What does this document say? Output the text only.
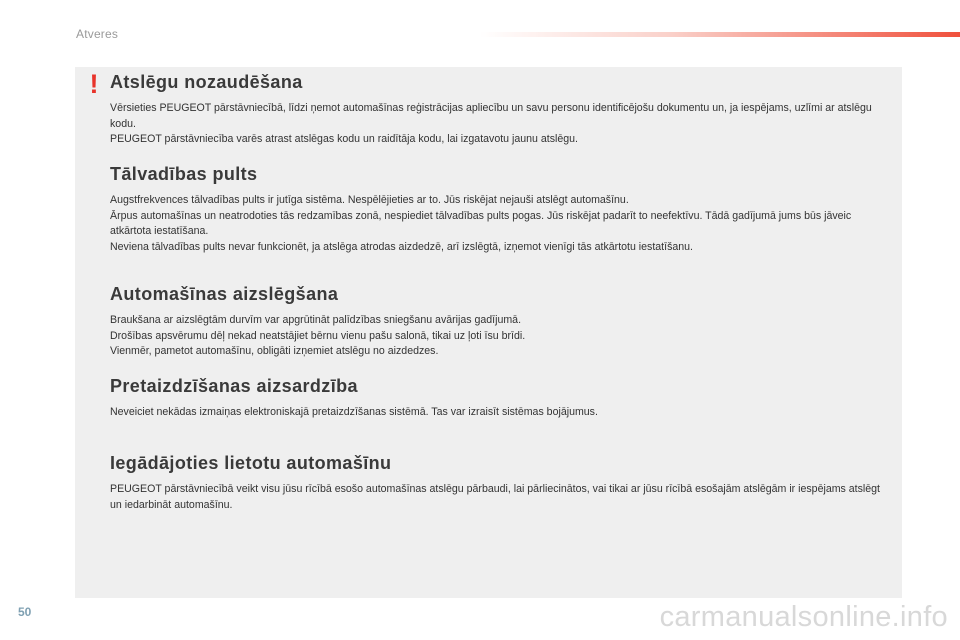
Atveres
! Atslēgu nozaudēšana

Vērsieties PEUGEOT pārstāvniecībā, līdzi ņemot automašīnas reģistrācijas apliecību un savu personu identificējošu dokumentu un, ja iespējams, uzlīmi ar atslēgu kodu.

PEUGEOT pārstāvniecība varēs atrast atslēgas kodu un raidītāja kodu, lai izgatavotu jaunu atslēgu.

Tālvadības pults

Augstfrekvences tālvadības pults ir jutīga sistēma. Nespēlējieties ar to. Jūs riskējat nejauši atslēgt automašīnu.

Ārpus automašīnas un neatrodoties tās redzamības zonā, nespiediet tālvadības pults pogas. Jūs riskējat padarīt to neefektīvu. Tādā gadījumā jums būs jāveic atkārtota iestatīšana.

Neviena tālvadības pults nevar funkcionēt, ja atslēga atrodas aizdedzē, arī izslēgtā, izņemot vienīgi tās atkārtotu iestatīšanu.

Automašīnas aizslēgšana

Braukšana ar aizslēgtām durvīm var apgrūtināt palīdzības sniegšanu avārijas gadījumā.

Drošības apsvērumu dēļ nekad neatstājiet bērnu vienu pašu salonā, tikai uz ļoti īsu brīdi.

Vienmēr, pametot automašīnu, obligāti izņemiet atslēgu no aizdedzes.

Pretaizdzīšanas aizsardzība

Neveiciet nekādas izmaiņas elektroniskajā pretaizdzīšanas sistēmā. Tas var izraisīt sistēmas bojājumus.

Iegādājoties lietotu automašīnu

PEUGEOT pārstāvniecībā veikt visu jūsu rīcībā esošo automašīnas atslēgu pārbaudi, lai pārliecinātos, vai tikai ar jūsu rīcībā esošajām atslēgām ir iespējams atslēgt un iedarbināt automašīnu.

50	carmanualsonline.info
